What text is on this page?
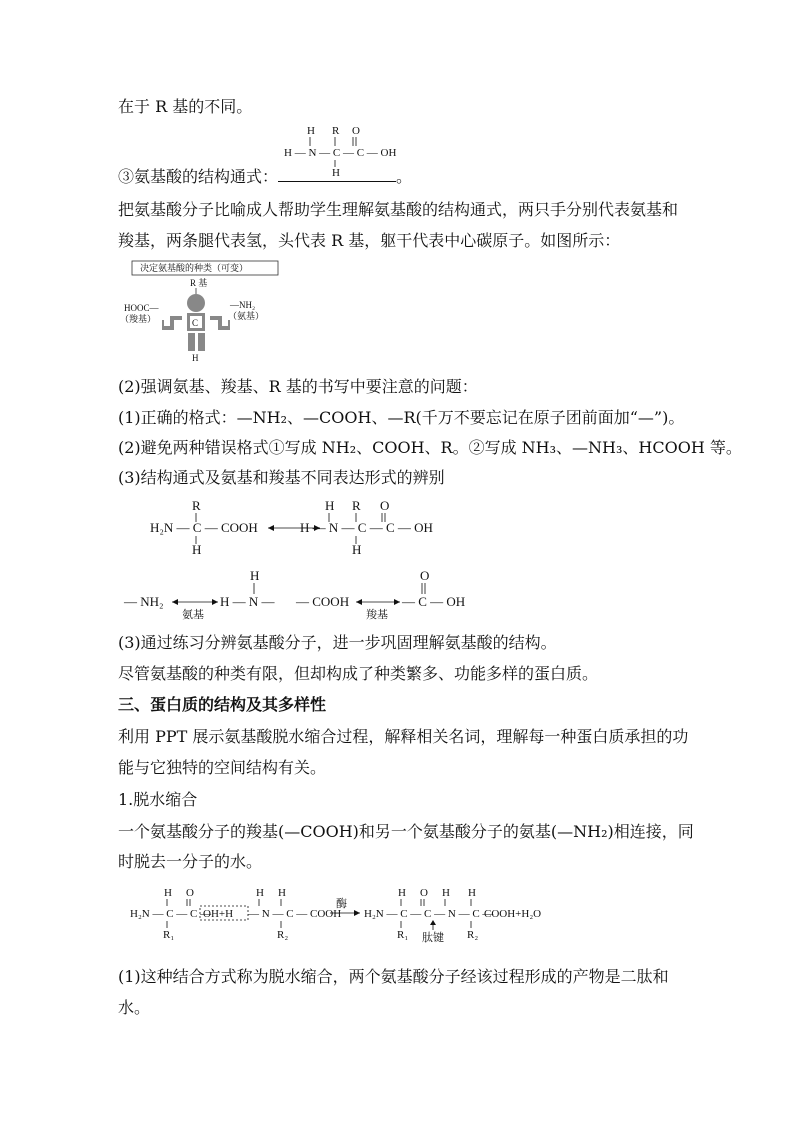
在于 R 基的不同。
H R O
H — N — C — C — OH
H
③氨基酸的结构通式：	。
把氨基酸分子比喻成人帮助学生理解氨基酸的结构通式，两只手分别代表氨基和
羧基，两条腿代表氢，头代表 R 基，躯干代表中心碳原子。如图所示：
决定氨基酸的种类（可变）
R 基
C
H
HOOC—
（羧基）
—NH₂
（氨基）
(2)强调氨基、羧基、R 基的书写中要注意的问题：
(1)正确的格式：—NH₂、—COOH、—R(千万不要忘记在原子团前面加“—”)。
(2)避免两种错误格式①写成 NH₂、COOH、R。②写成 NH₃、—NH₃、HCOOH 等。
(3)结构通式及氨基和羧基不同表达形式的辨别
R
H₂N — C — COOH
H
H R O
H — N — C — C — OH
H
— NH₂
氨基
H
H — N — — COOH
羧基
O
— C — OH
(3)通过练习分辨氨基酸分子，进一步巩固理解氨基酸的结构。
尽管氨基酸的种类有限，但却构成了种类繁多、功能多样的蛋白质。
三、蛋白质的结构及其多样性
利用 PPT 展示氨基酸脱水缩合过程，解释相关名词，理解每一种蛋白质承担的功
能与它独特的空间结构有关。
1.脱水缩合
一个氨基酸分子的羧基(—COOH)和另一个氨基酸分子的氨基(—NH₂)相连接，同
时脱去一分子的水。
H O
H₂N — C — C —
OH+H — N — C — COOH
H H
R₁	R₂
酶
H₂N — C — C — N — C —
H O H H
COOH+H₂O
R₁ 肽键 R₂
(1)这种结合方式称为脱水缩合，两个氨基酸分子经该过程形成的产物是二肽和
水。
